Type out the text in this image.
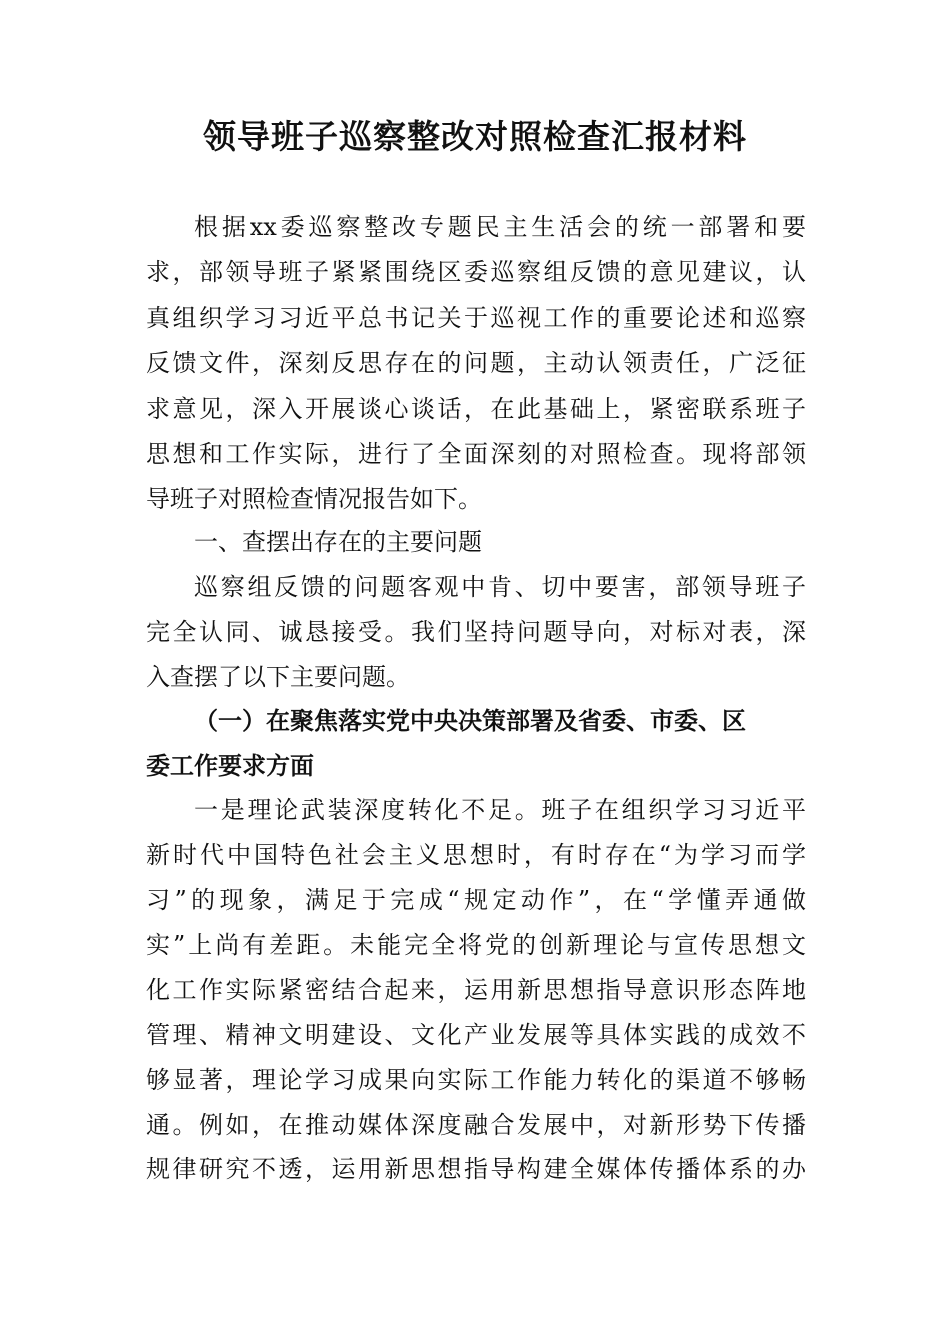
领导班子巡察整改对照检查汇报材料
根据xx委巡察整改专题民主生活会的统一部署和要
求，部领导班子紧紧围绕区委巡察组反馈的意见建议，认
真组织学习习近平总书记关于巡视工作的重要论述和巡察
反馈文件，深刻反思存在的问题，主动认领责任，广泛征
求意见，深入开展谈心谈话，在此基础上，紧密联系班子
思想和工作实际，进行了全面深刻的对照检查。现将部领
导班子对照检查情况报告如下。
一、查摆出存在的主要问题
巡察组反馈的问题客观中肯、切中要害，部领导班子
完全认同、诚恳接受。我们坚持问题导向，对标对表，深
入查摆了以下主要问题。
（一）在聚焦落实党中央决策部署及省委、市委、区
委工作要求方面
一是理论武装深度转化不足。班子在组织学习习近平
新时代中国特色社会主义思想时，有时存在“为学习而学
习”的现象，满足于完成“规定动作”，在“学懂弄通做
实”上尚有差距。未能完全将党的创新理论与宣传思想文
化工作实际紧密结合起来，运用新思想指导意识形态阵地
管理、精神文明建设、文化产业发展等具体实践的成效不
够显著，理论学习成果向实际工作能力转化的渠道不够畅
通。例如，在推动媒体深度融合发展中，对新形势下传播
规律研究不透，运用新思想指导构建全媒体传播体系的办
